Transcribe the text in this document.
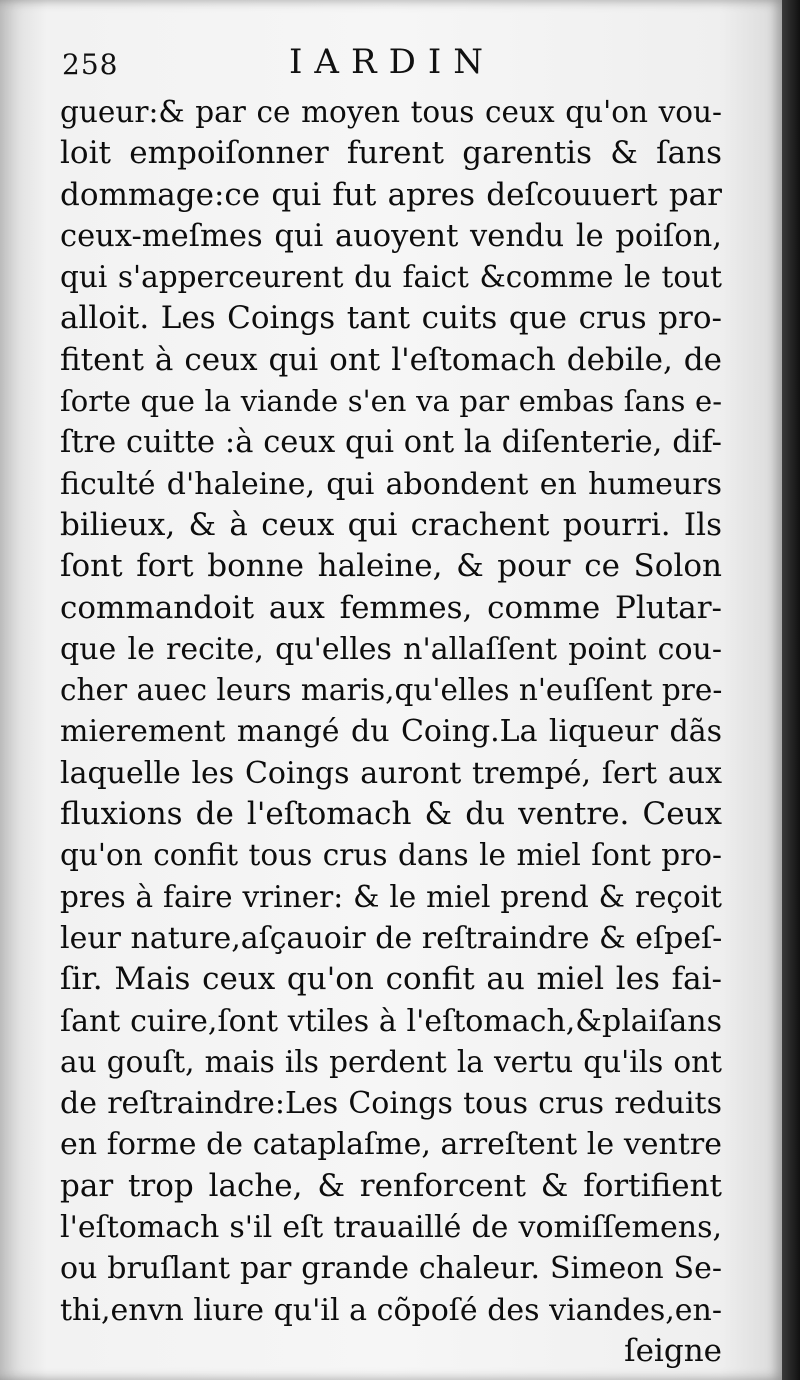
258	IARDIN
gueur:& par ce moyen tous ceux qu'on vou-
loit empoiſonner furent garentis & ſans
dommage:ce qui fut apres deſcouuert par
ceux-meſmes qui auoyent vendu le poiſon,
qui s'apperceurent du faict &comme le tout
alloit. Les Coings tant cuits que crus pro-
fitent à ceux qui ont l'eſtomach debile, de
ſorte que la viande s'en va par embas ſans e-
ſtre cuitte :à ceux qui ont la diſenterie, dif-
ficulté d'haleine, qui abondent en humeurs
bilieux, & à ceux qui crachent pourri. Ils
ſont fort bonne haleine, & pour ce Solon
commandoit aux femmes, comme Plutar-
que le recite, qu'elles n'allaſſent point cou-
cher auec leurs maris,qu'elles n'euſſent pre-
mierement mangé du Coing.La liqueur dãs
laquelle les Coings auront trempé, ſert aux
fluxions de l'eſtomach & du ventre. Ceux
qu'on confit tous crus dans le miel ſont pro-
pres à faire vriner: & le miel prend & reçoit
leur nature,aſçauoir de reſtraindre & eſpeſ-
ſir. Mais ceux qu'on confit au miel les fai-
ſant cuire,ſont vtiles à l'eſtomach,&plaiſans
au gouſt, mais ils perdent la vertu qu'ils ont
de reſtraindre:Les Coings tous crus reduits
en forme de cataplaſme, arreſtent le ventre
par trop lache, & renforcent & fortifient
l'eſtomach s'il eſt trauaillé de vomiſſemens,
ou bruſlant par grande chaleur. Simeon Se-
thi,envn liure qu'il a cõpoſé des viandes,en-
ſeigne
